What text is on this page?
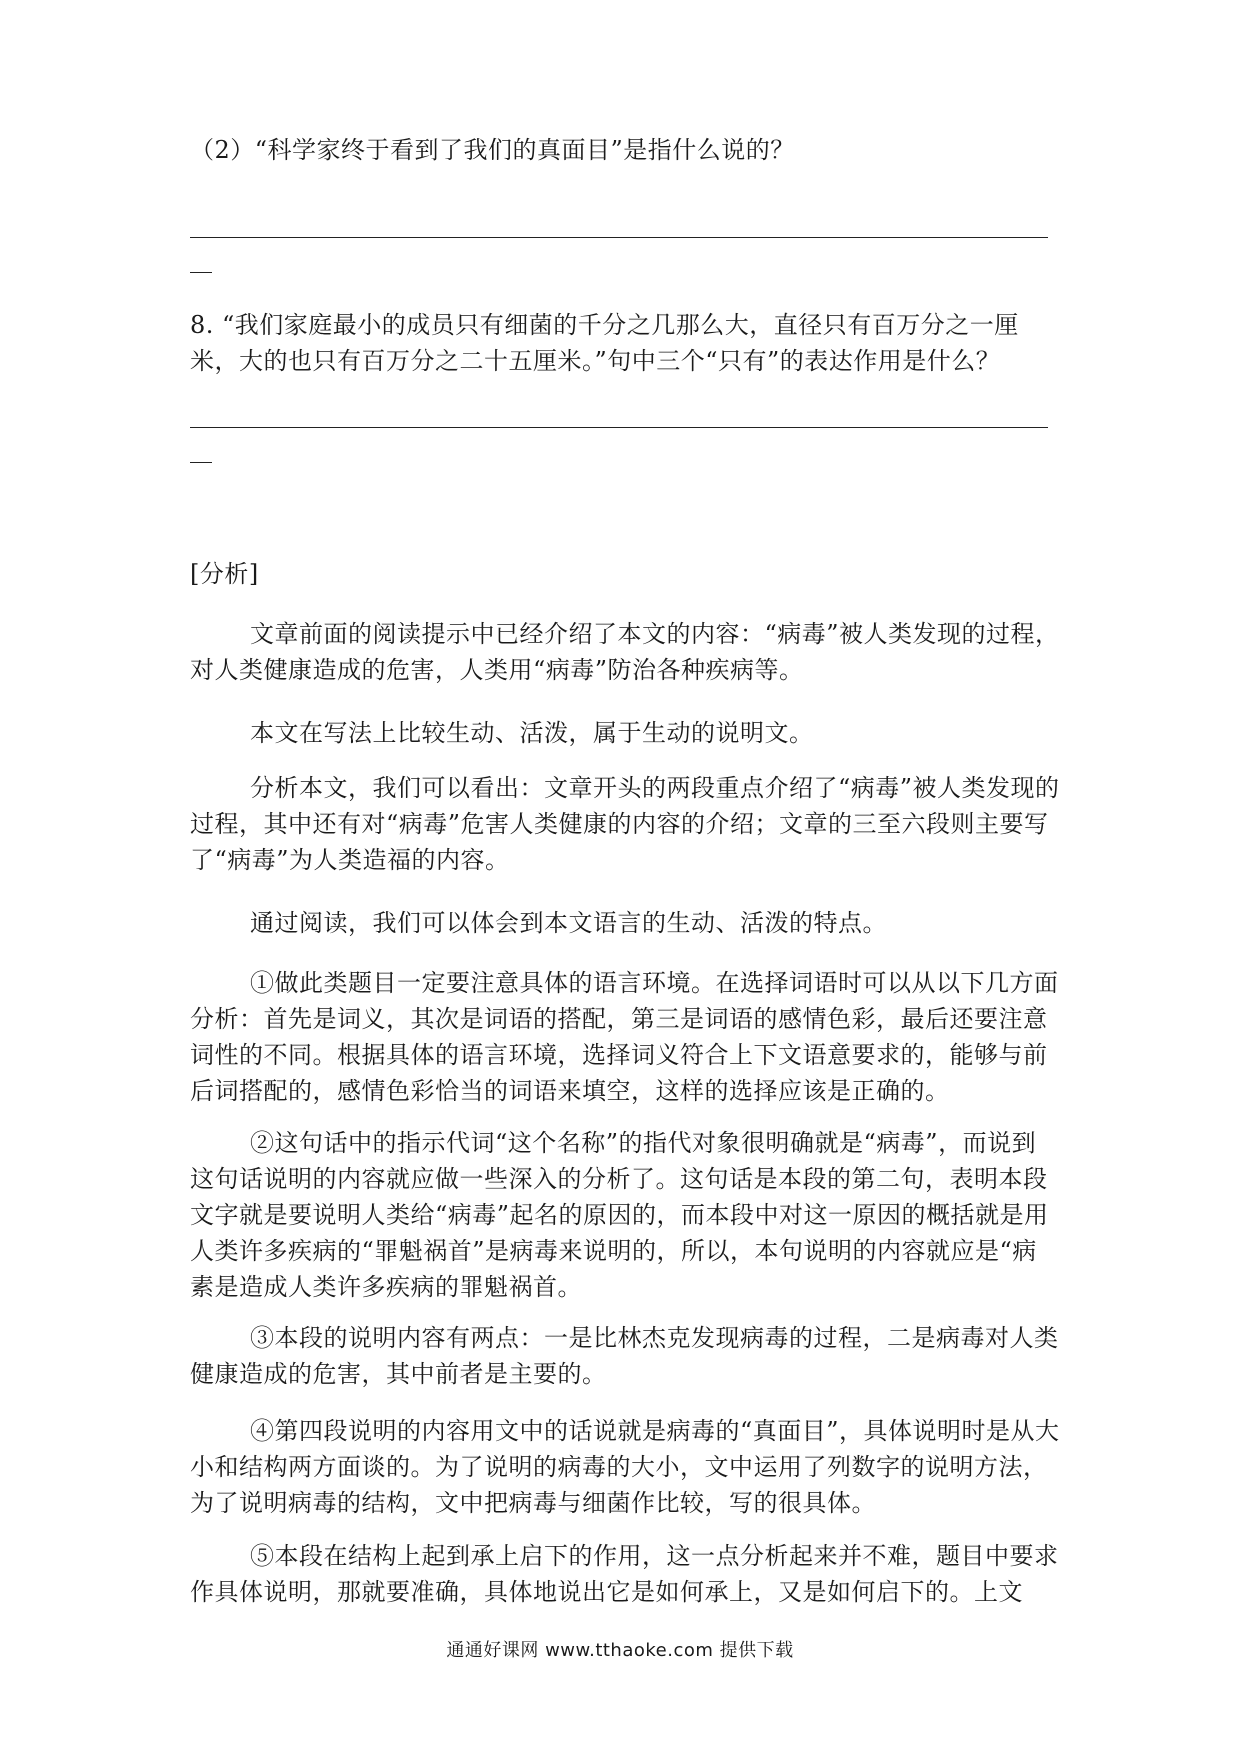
（2）“科学家终于看到了我们的真面目”是指什么说的？
8. “我们家庭最小的成员只有细菌的千分之几那么大，直径只有百万分之一厘米，大的也只有百万分之二十五厘米。”句中三个“只有”的表达作用是什么？
[分析]
文章前面的阅读提示中已经介绍了本文的内容：“病毒”被人类发现的过程，对人类健康造成的危害，人类用“病毒”防治各种疾病等。
本文在写法上比较生动、活泼，属于生动的说明文。
分析本文，我们可以看出：文章开头的两段重点介绍了“病毒”被人类发现的过程，其中还有对“病毒”危害人类健康的内容的介绍；文章的三至六段则主要写了“病毒”为人类造福的内容。
通过阅读，我们可以体会到本文语言的生动、活泼的特点。
①做此类题目一定要注意具体的语言环境。在选择词语时可以从以下几方面分析：首先是词义，其次是词语的搭配，第三是词语的感情色彩，最后还要注意词性的不同。根据具体的语言环境，选择词义符合上下文语意要求的，能够与前后词搭配的，感情色彩恰当的词语来填空，这样的选择应该是正确的。
②这句话中的指示代词“这个名称”的指代对象很明确就是“病毒”，而说到这句话说明的内容就应做一些深入的分析了。这句话是本段的第二句，表明本段文字就是要说明人类给“病毒”起名的原因的，而本段中对这一原因的概括就是用人类许多疾病的“罪魁祸首”是病毒来说明的，所以，本句说明的内容就应是“病素是造成人类许多疾病的罪魁祸首。
③本段的说明内容有两点：一是比林杰克发现病毒的过程，二是病毒对人类健康造成的危害，其中前者是主要的。
④第四段说明的内容用文中的话说就是病毒的“真面目”，具体说明时是从大小和结构两方面谈的。为了说明的病毒的大小，文中运用了列数字的说明方法，为了说明病毒的结构，文中把病毒与细菌作比较，写的很具体。
⑤本段在结构上起到承上启下的作用，这一点分析起来并不难，题目中要求作具体说明，那就要准确，具体地说出它是如何承上，又是如何启下的。上文
通通好课网 www.tthaoke.com 提供下载
